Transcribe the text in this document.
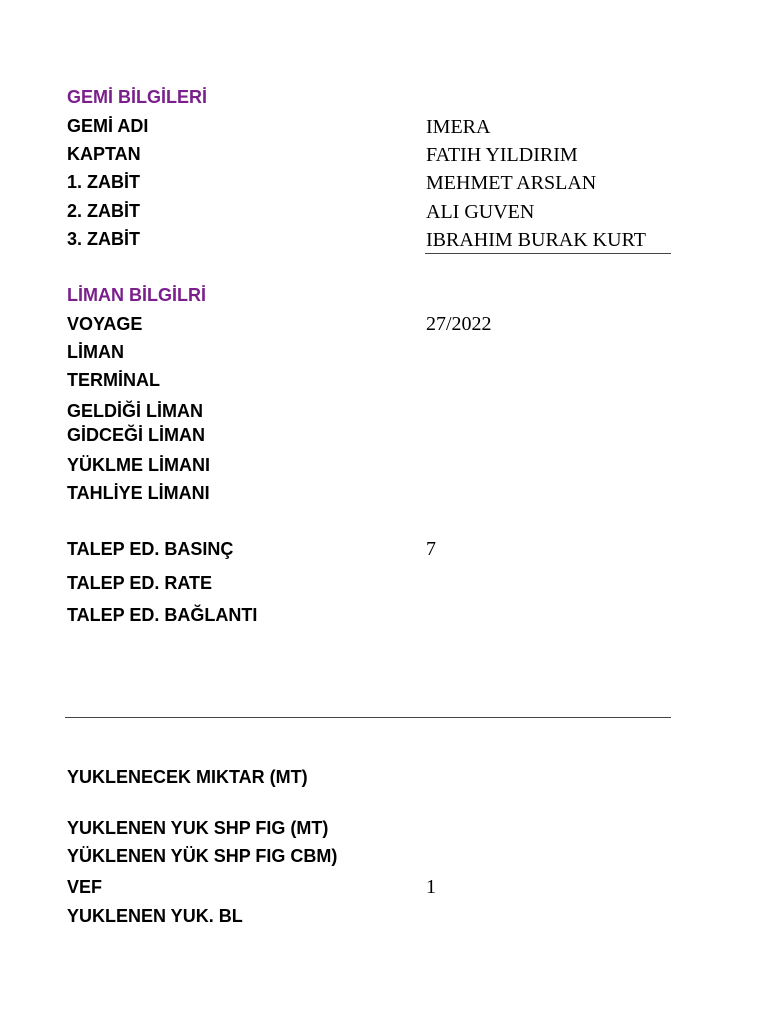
GEMİ BİLGİLERİ
GEMİ ADI	IMERA
KAPTAN	FATIH YILDIRIM
1. ZABİT	MEHMET ARSLAN
2. ZABİT	ALI GUVEN
3. ZABİT	IBRAHIM BURAK KURT
LİMAN BİLGİLRİ
VOYAGE	27/2022
LİMAN
TERMİNAL
GELDİĞİ LİMAN
GİDCEĞİ LİMAN
YÜKLME LİMANI
TAHLİYE LİMANI
TALEP ED. BASINÇ	7
TALEP ED. RATE
TALEP ED. BAĞLANTI
YUKLENECEK MIKTAR (MT)
YUKLENEN YUK SHP FIG (MT)
YÜKLENEN YÜK SHP FIG CBM)
VEF	1
YUKLENEN YUK. BL
